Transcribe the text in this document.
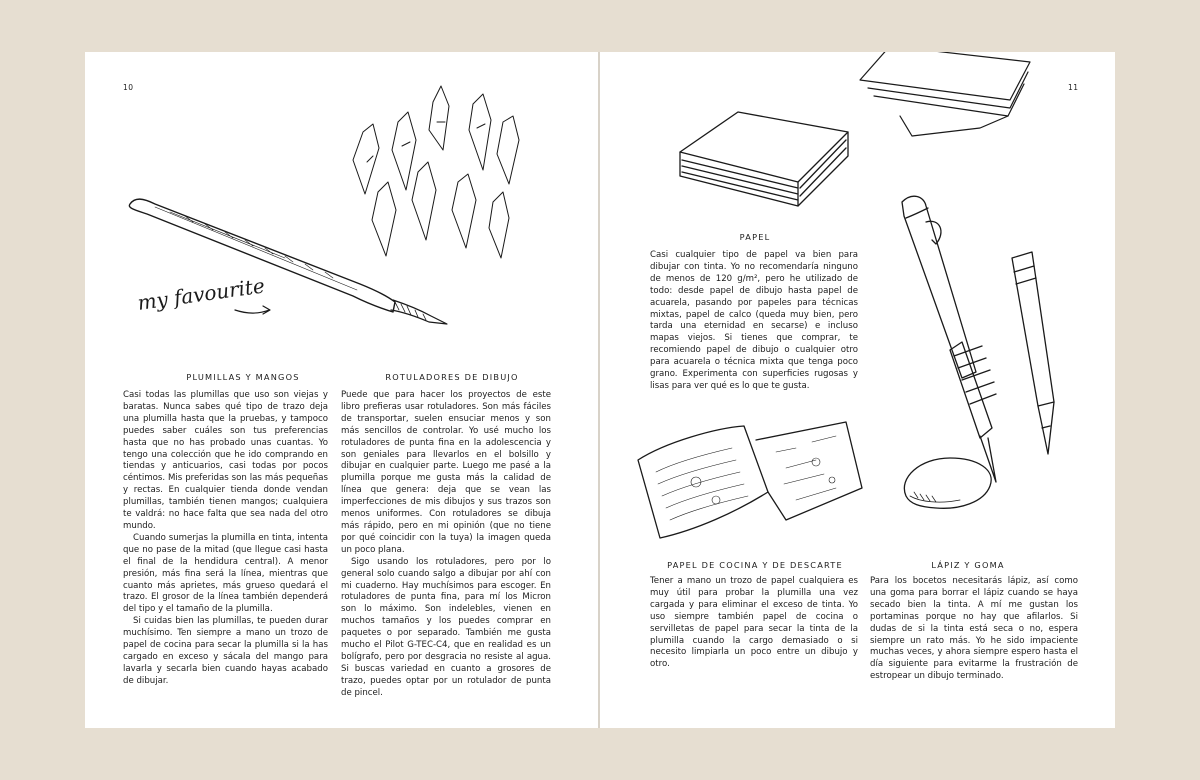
10
my favourite
PLUMILLAS Y MANGOS	ROTULADORES DE DIBUJO

Casi todas las plumillas que uso son viejas y baratas. Nunca sabes qué tipo de trazo deja una plumilla hasta que la pruebas, y tampoco puedes saber cuáles son tus preferencias hasta que no has probado unas cuantas. Yo tengo una colección que he ido comprando en tiendas y anticuarios, casi todas por pocos céntimos. Mis preferidas son las más pequeñas y rectas. En cualquier tienda donde vendan plumillas, también tienen mangos; cualquiera te valdrá: no hace falta que sea nada del otro mundo.

Cuando sumerjas la plumilla en tinta, intenta que no pase de la mitad (que llegue casi hasta el final de la hendidura central). A menor presión, más fina será la línea, mientras que cuanto más aprietes, más grueso quedará el trazo. El grosor de la línea también dependerá del tipo y el tamaño de la plumilla.

Si cuidas bien las plumillas, te pueden durar muchísimo. Ten siempre a mano un trozo de papel de cocina para secar la plumilla si la has cargado en exceso y sácala del mango para lavarla y secarla bien cuando hayas acabado de dibujar.

Puede que para hacer los proyectos de este libro prefieras usar rotuladores. Son más fáciles de transportar, suelen ensuciar menos y son más sencillos de controlar. Yo usé mucho los rotuladores de punta fina en la adolescencia y son geniales para llevarlos en el bolsillo y dibujar en cualquier parte. Luego me pasé a la plumilla porque me gusta más la calidad de línea que genera: deja que se vean las imperfecciones de mis dibujos y sus trazos son menos uniformes. Con rotuladores se dibuja más rápido, pero en mi opinión (que no tiene por qué coincidir con la tuya) la imagen queda un poco plana.

Sigo usando los rotuladores, pero por lo general solo cuando salgo a dibujar por ahí con mi cuaderno. Hay muchísimos para escoger. En rotuladores de punta fina, para mí los Micron son lo máximo. Son indelebles, vienen en muchos tamaños y los puedes comprar en paquetes o por separado. También me gusta mucho el Pilot G-TEC-C4, que en realidad es un bolígrafo, pero por desgracia no resiste al agua. Si buscas variedad en cuanto a grosores de trazo, puedes optar por un rotulador de punta de pincel.

11
PAPEL

Casi cualquier tipo de papel va bien para dibujar con tinta. Yo no recomendaría ninguno de menos de 120 g/m², pero he utilizado de todo: desde papel de dibujo hasta papel de acuarela, pasando por papeles para técnicas mixtas, papel de calco (queda muy bien, pero tarda una eternidad en secarse) e incluso mapas viejos. Si tienes que comprar, te recomiendo papel de dibujo o cualquier otro para acuarela o técnica mixta que tenga poco grano. Experimenta con superficies rugosas y lisas para ver qué es lo que te gusta.

PAPEL DE COCINA Y DE DESCARTE	LÁPIZ Y GOMA

Tener a mano un trozo de papel cualquiera es muy útil para probar la plumilla una vez cargada y para eliminar el exceso de tinta. Yo uso siempre también papel de cocina o servilletas de papel para secar la tinta de la plumilla cuando la cargo demasiado o si necesito limpiarla un poco entre un dibujo y otro.

Para los bocetos necesitarás lápiz, así como una goma para borrar el lápiz cuando se haya secado bien la tinta. A mí me gustan los portaminas porque no hay que afilarlos. Si dudas de si la tinta está seca o no, espera siempre un rato más. Yo he sido impaciente muchas veces, y ahora siempre espero hasta el día siguiente para evitarme la frustración de estropear un dibujo terminado.
